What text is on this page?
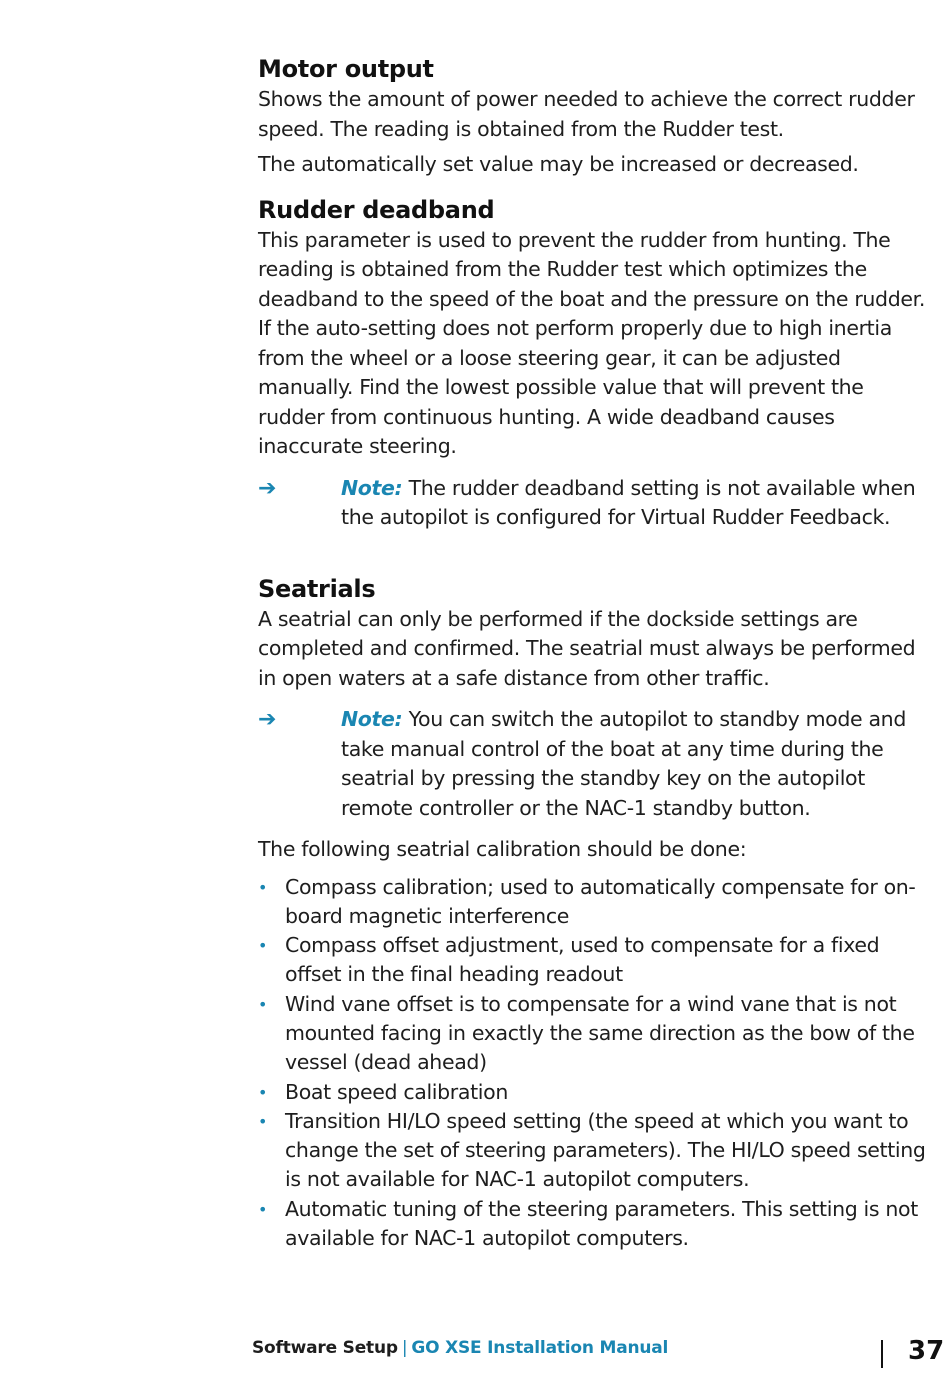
Motor output

Shows the amount of power needed to achieve the correct rudder speed. The reading is obtained from the Rudder test.

The automatically set value may be increased or decreased.

Rudder deadband

This parameter is used to prevent the rudder from hunting. The reading is obtained from the Rudder test which optimizes the deadband to the speed of the boat and the pressure on the rudder. If the auto-setting does not perform properly due to high inertia from the wheel or a loose steering gear, it can be adjusted manually. Find the lowest possible value that will prevent the rudder from continuous hunting. A wide deadband causes inaccurate steering.

➔	Note: The rudder deadband setting is not available when the autopilot is configured for Virtual Rudder Feedback.
Seatrials

A seatrial can only be performed if the dockside settings are completed and confirmed. The seatrial must always be performed in open waters at a safe distance from other traffic.

➔	Note: You can switch the autopilot to standby mode and take manual control of the boat at any time during the seatrial by pressing the standby key on the autopilot remote controller or the NAC-1 standby button.

The following seatrial calibration should be done:

• Compass calibration; used to automatically compensate for on-board magnetic interference
• Compass offset adjustment, used to compensate for a fixed offset in the final heading readout
• Wind vane offset is to compensate for a wind vane that is not mounted facing in exactly the same direction as the bow of the vessel (dead ahead)
• Boat speed calibration
• Transition HI/LO speed setting (the speed at which you want to change the set of steering parameters). The HI/LO speed setting is not available for NAC-1 autopilot computers.
• Automatic tuning of the steering parameters. This setting is not available for NAC-1 autopilot computers.
Software Setup | GO XSE Installation Manual	37
